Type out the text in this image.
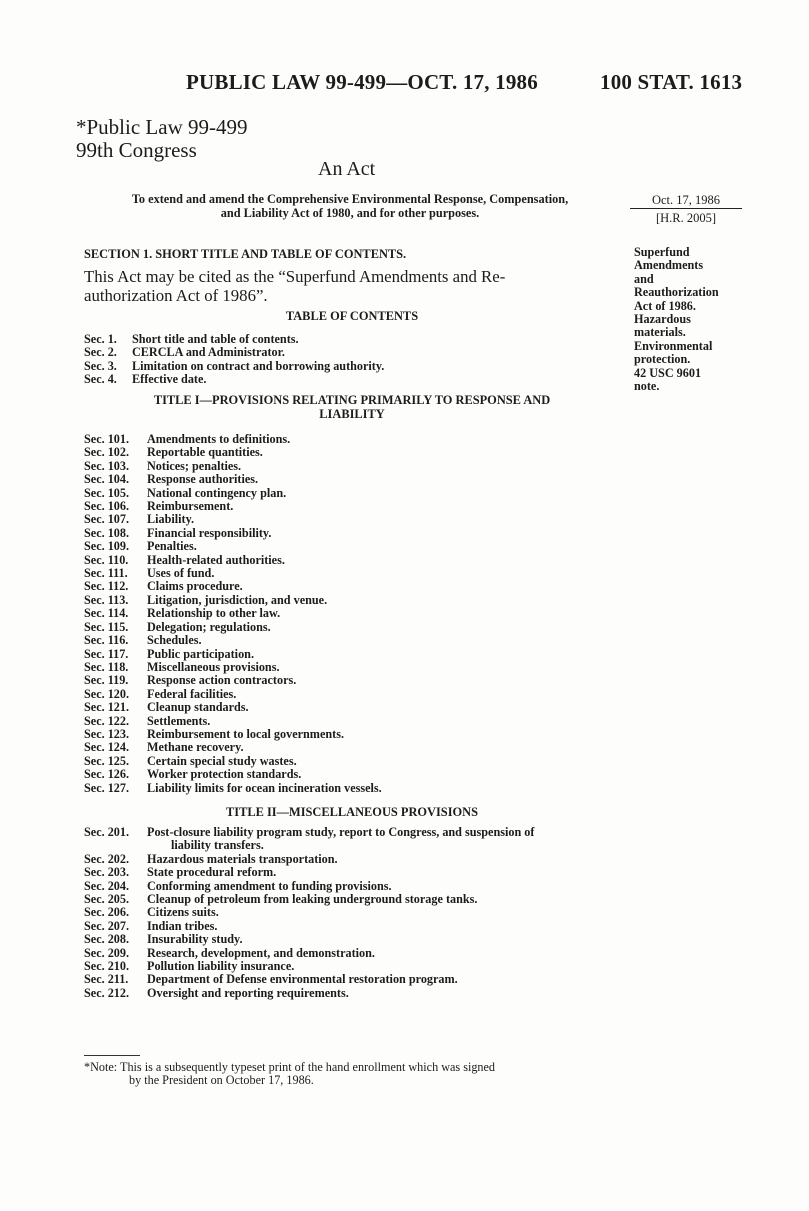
PUBLIC LAW 99-499—OCT. 17, 1986	100 STAT. 1613
*Public Law 99-499
99th Congress
An Act
To extend and amend the Comprehensive Environmental Response, Compensation,
and Liability Act of 1980, and for other purposes.
Oct. 17, 1986
[H.R. 2005]
Superfund
Amendments
and
Reauthorization
Act of 1986.
Hazardous
materials.
Environmental
protection.
42 USC 9601
note.
SECTION 1. SHORT TITLE AND TABLE OF CONTENTS.
This Act may be cited as the “Superfund Amendments and Re-
authorization Act of 1986”.
TABLE OF CONTENTS
Sec. 1.	Short title and table of contents.
Sec. 2.	CERCLA and Administrator.
Sec. 3.	Limitation on contract and borrowing authority.
Sec. 4.	Effective date.
TITLE I—PROVISIONS RELATING PRIMARILY TO RESPONSE AND
LIABILITY
Sec. 101.	Amendments to definitions.
Sec. 102.	Reportable quantities.
Sec. 103.	Notices; penalties.
Sec. 104.	Response authorities.
Sec. 105.	National contingency plan.
Sec. 106.	Reimbursement.
Sec. 107.	Liability.
Sec. 108.	Financial responsibility.
Sec. 109.	Penalties.
Sec. 110.	Health-related authorities.
Sec. 111.	Uses of fund.
Sec. 112.	Claims procedure.
Sec. 113.	Litigation, jurisdiction, and venue.
Sec. 114.	Relationship to other law.
Sec. 115.	Delegation; regulations.
Sec. 116.	Schedules.
Sec. 117.	Public participation.
Sec. 118.	Miscellaneous provisions.
Sec. 119.	Response action contractors.
Sec. 120.	Federal facilities.
Sec. 121.	Cleanup standards.
Sec. 122.	Settlements.
Sec. 123.	Reimbursement to local governments.
Sec. 124.	Methane recovery.
Sec. 125.	Certain special study wastes.
Sec. 126.	Worker protection standards.
Sec. 127.	Liability limits for ocean incineration vessels.
TITLE II—MISCELLANEOUS PROVISIONS
Sec. 201.	Post-closure liability program study, report to Congress, and suspension of
liability transfers.
Sec. 202.	Hazardous materials transportation.
Sec. 203.	State procedural reform.
Sec. 204.	Conforming amendment to funding provisions.
Sec. 205.	Cleanup of petroleum from leaking underground storage tanks.
Sec. 206.	Citizens suits.
Sec. 207.	Indian tribes.
Sec. 208.	Insurability study.
Sec. 209.	Research, development, and demonstration.
Sec. 210.	Pollution liability insurance.
Sec. 211.	Department of Defense environmental restoration program.
Sec. 212.	Oversight and reporting requirements.
*Note: This is a subsequently typeset print of the hand enrollment which was signed
by the President on October 17, 1986.
